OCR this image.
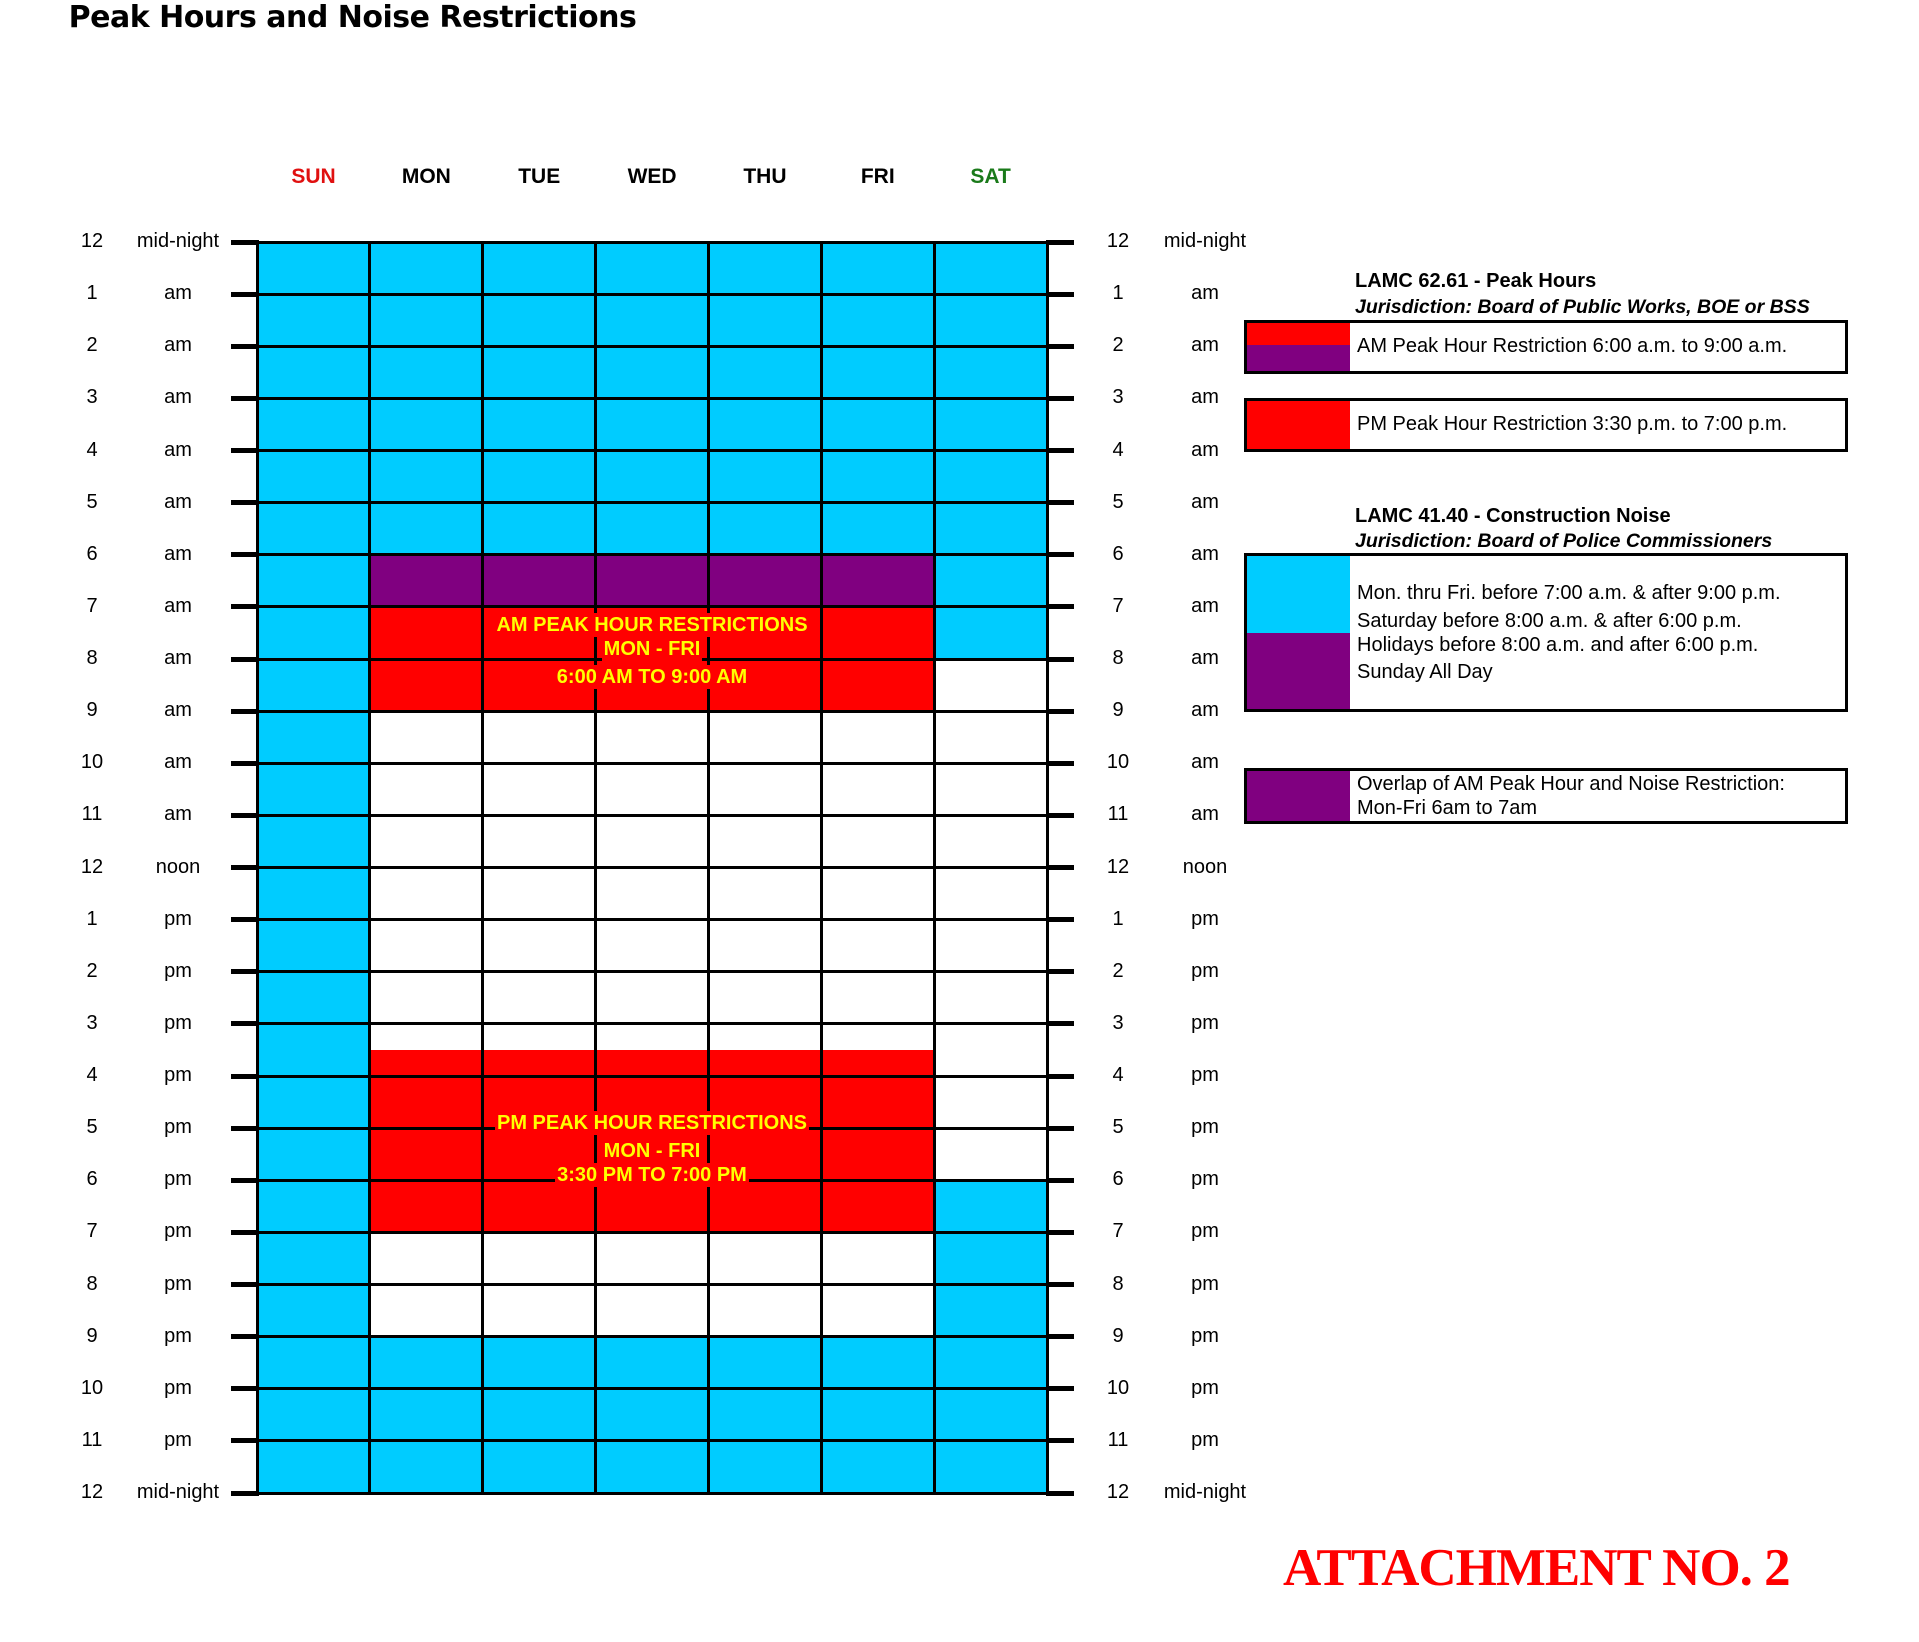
Peak Hours and Noise Restrictions
SUN	MON	TUE	WED	THU	FRI	SAT
12	mid-night	12	mid-night
1	am	1	am
2	am	2	am
3	am	3	am
4	am	4	am
5	am	5	am
6	am	6	am
7	am	7	am
8	am	8	am
9	am	9	am
10	am	10	am
11	am	11	am
12	noon	12	noon
1	pm	1	pm
2	pm	2	pm
3	pm	3	pm
4	pm	4	pm
5	pm	5	pm
6	pm	6	pm
7	pm	7	pm
8	pm	8	pm
9	pm	9	pm
10	pm	10	pm
11	pm	11	pm
12	mid-night	12	mid-night
AM PEAK HOUR RESTRICTIONS
MON - FRI
6:00 AM TO 9:00 AM
PM PEAK HOUR RESTRICTIONS
MON - FRI
3:30 PM TO 7:00 PM
LAMC 62.61 - Peak Hours
Jurisdiction: Board of Public Works, BOE or BSS
AM Peak Hour Restriction 6:00 a.m. to 9:00 a.m.
PM Peak Hour Restriction 3:30 p.m. to 7:00 p.m.
LAMC 41.40 - Construction Noise
Jurisdiction: Board of Police Commissioners
Mon. thru Fri. before 7:00 a.m. & after 9:00 p.m.
Saturday before 8:00 a.m. & after 6:00 p.m.
Holidays before 8:00 a.m. and after 6:00 p.m.
Sunday All Day
Overlap of AM Peak Hour and Noise Restriction:
Mon-Fri 6am to 7am
ATTACHMENT NO. 2
